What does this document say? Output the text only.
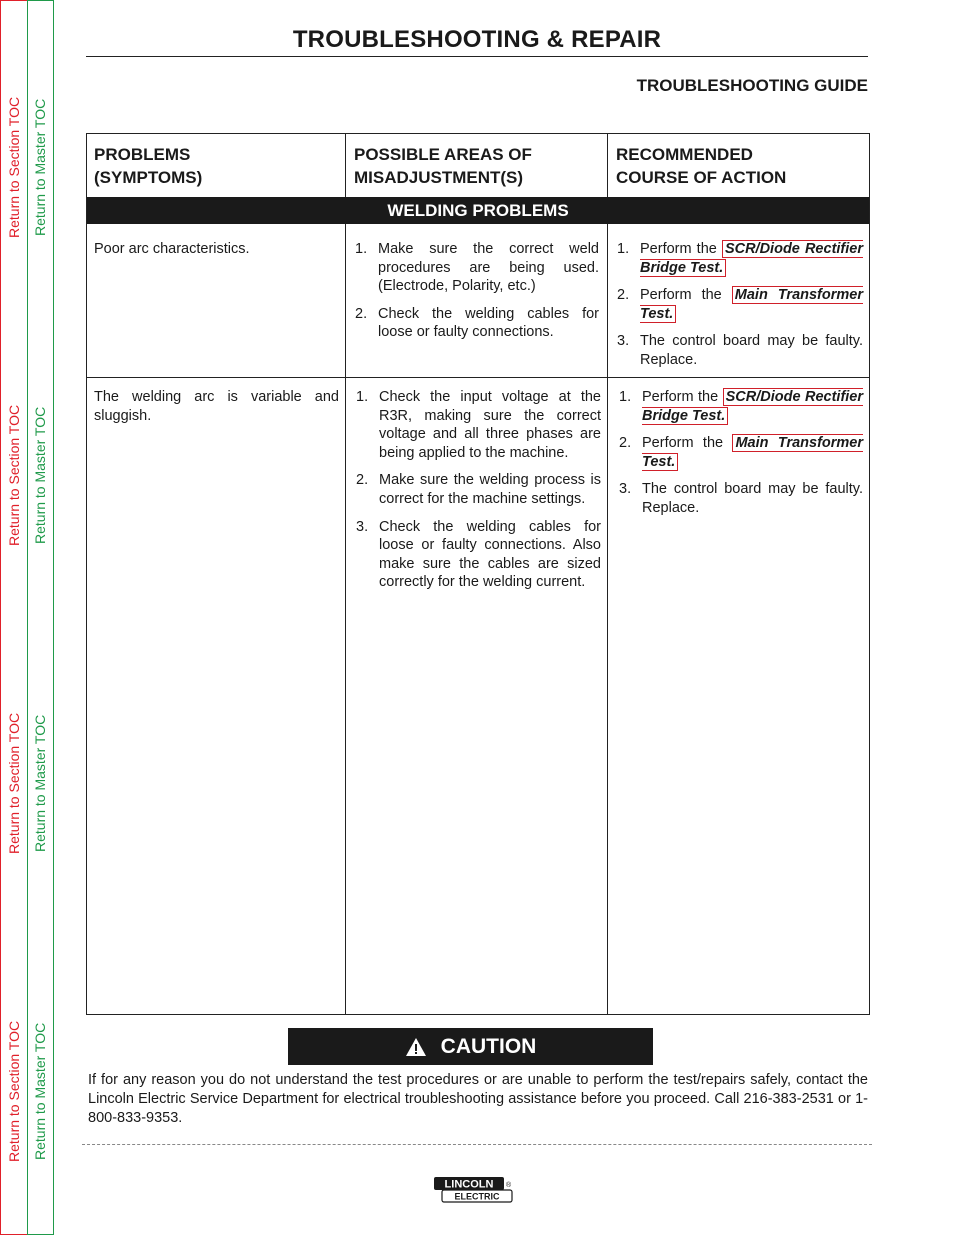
Return to Section TOC
Return to Section TOC
Return to Section TOC
Return to Section TOC
Return to Master TOC
Return to Master TOC
Return to Master TOC
Return to Master TOC
TROUBLESHOOTING & REPAIR
TROUBLESHOOTING GUIDE
PROBLEMS
(SYMPTOMS)
POSSIBLE AREAS OF
MISADJUSTMENT(S)
RECOMMENDED
COURSE OF ACTION
WELDING PROBLEMS

Poor arc characteristics.	1. Make sure the correct weld procedures are being used. (Electrode, Polarity, etc.)
2. Check the welding cables for loose or faulty connections.
1. Perform the SCR/Diode Rectifier Bridge Test.
2. Perform the Main Transformer Test.
3. The control board may be faulty. Replace.

The welding arc is variable and sluggish.

1. Check the input voltage at the R3R, making sure the correct voltage and all three phases are being applied to the machine.
2. Make sure the welding process is correct for the machine settings.
3. Check the welding cables for loose or faulty connections. Also make sure the cables are sized correctly for the welding current.
1. Perform the SCR/Diode Rectifier Bridge Test.
2. Perform the Main Transformer Test.
3. The control board may be faulty. Replace.
CAUTION
If for any reason you do not understand the test procedures or are unable to perform the test/repairs safely, contact the Lincoln Electric Service Department for electrical troubleshooting assistance before you proceed. Call 216-383-2531 or 1-800-833-9353.
LINCOLN
ELECTRIC
®
